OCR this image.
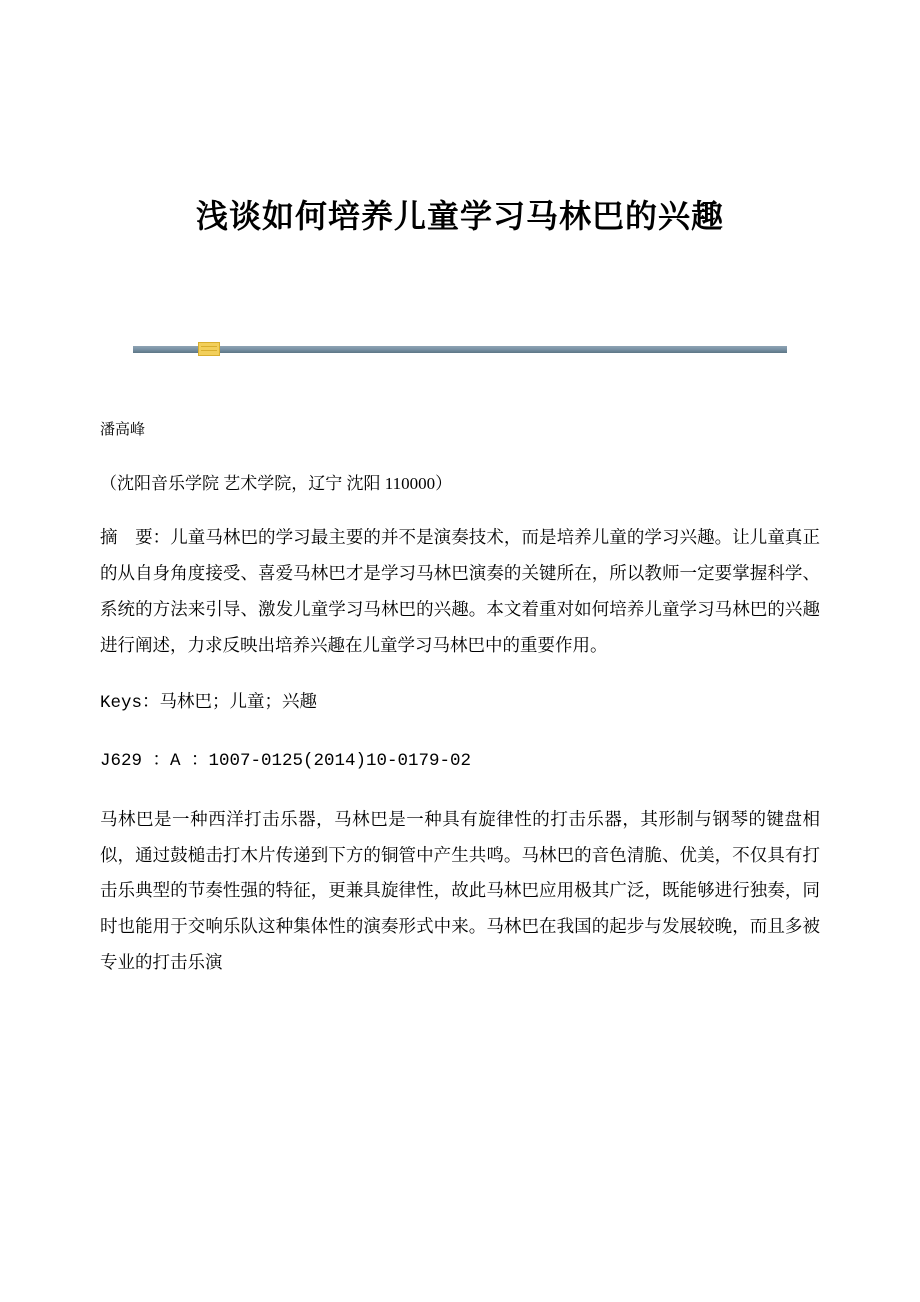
浅谈如何培养儿童学习马林巴的兴趣
潘高峰
（沈阳音乐学院 艺术学院，辽宁 沈阳 110000）

摘　要：儿童马林巴的学习最主要的并不是演奏技术，而是培养儿童的学习兴趣。让儿童真正的从自身角度接受、喜爱马林巴才是学习马林巴演奏的关键所在，所以教师一定要掌握科学、系统的方法来引导、激发儿童学习马林巴的兴趣。本文着重对如何培养儿童学习马林巴的兴趣进行阐述，力求反映出培养兴趣在儿童学习马林巴中的重要作用。

Keys：马林巴；儿童；兴趣

J629 ：A ：1007-0125(2014)10-0179-02

马林巴是一种西洋打击乐器，马林巴是一种具有旋律性的打击乐器，其形制与钢琴的键盘相似，通过鼓槌击打木片传递到下方的铜管中产生共鸣。马林巴的音色清脆、优美，不仅具有打击乐典型的节奏性强的特征，更兼具旋律性，故此马林巴应用极其广泛，既能够进行独奏，同时也能用于交响乐队这种集体性的演奏形式中来。马林巴在我国的起步与发展较晚，而且多被专业的打击乐演
